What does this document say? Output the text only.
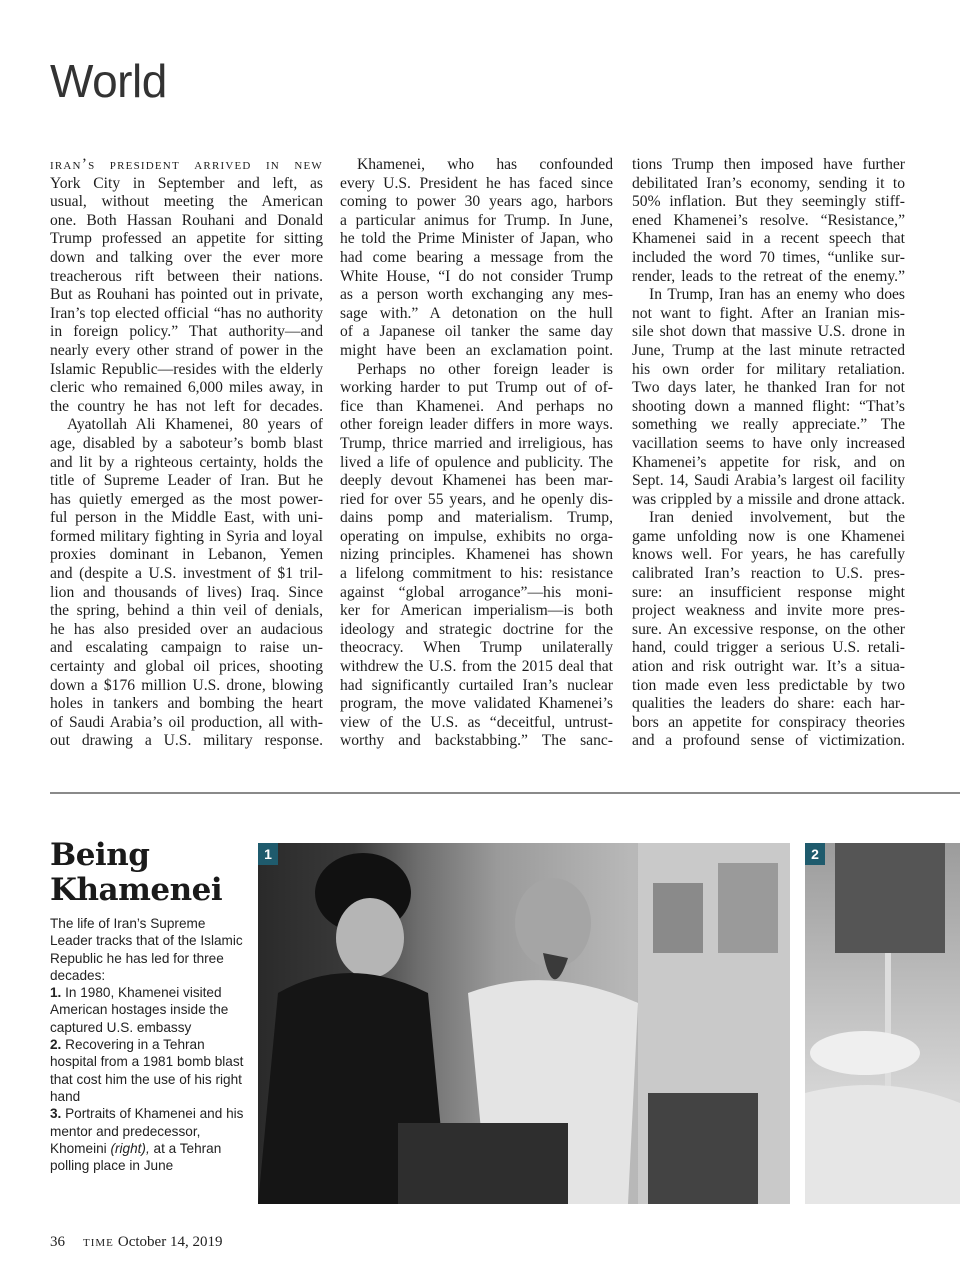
World
iran’s president arrived in new
York City in September and left, as
usual, without meeting the American
one. Both Hassan Rouhani and Donald
Trump professed an appetite for sitting
down and talking over the ever more
treacherous rift between their nations.
But as Rouhani has pointed out in private,
Iran’s top elected official “has no authority
in foreign policy.” That authority—and
nearly every other strand of power in the
Islamic Republic—resides with the elderly
cleric who remained 6,000 miles away, in
the country he has not left for decades.
Ayatollah Ali Khamenei, 80 years of
age, disabled by a saboteur’s bomb blast
and lit by a righteous certainty, holds the
title of Supreme Leader of Iran. But he
has quietly emerged as the most power-
ful person in the Middle East, with uni-
formed military fighting in Syria and loyal
proxies dominant in Lebanon, Yemen
and (despite a U.S. investment of $1 tril-
lion and thousands of lives) Iraq. Since
the spring, behind a thin veil of denials,
he has also presided over an audacious
and escalating campaign to raise un-
certainty and global oil prices, shooting
down a $176 million U.S. drone, blowing
holes in tankers and bombing the heart
of Saudi Arabia’s oil production, all with-
out drawing a U.S. military response.
Khamenei, who has confounded
every U.S. President he has faced since
coming to power 30 years ago, harbors
a particular animus for Trump. In June,
he told the Prime Minister of Japan, who
had come bearing a message from the
White House, “I do not consider Trump
as a person worth exchanging any mes-
sage with.” A detonation on the hull
of a Japanese oil tanker the same day
might have been an exclamation point.
Perhaps no other foreign leader is
working harder to put Trump out of of-
fice than Khamenei. And perhaps no
other foreign leader differs in more ways.
Trump, thrice married and irreligious, has
lived a life of opulence and publicity. The
deeply devout Khamenei has been mar-
ried for over 55 years, and he openly dis-
dains pomp and materialism. Trump,
operating on impulse, exhibits no orga-
nizing principles. Khamenei has shown
a lifelong commitment to his: resistance
against “global arrogance”—his moni-
ker for American imperialism—is both
ideology and strategic doctrine for the
theocracy. When Trump unilaterally
withdrew the U.S. from the 2015 deal that
had significantly curtailed Iran’s nuclear
program, the move validated Khamenei’s
view of the U.S. as “deceitful, untrust-
worthy and backstabbing.” The sanc-
tions Trump then imposed have further
debilitated Iran’s economy, sending it to
50% inflation. But they seemingly stiff-
ened Khamenei’s resolve. “Resistance,”
Khamenei said in a recent speech that
included the word 70 times, “unlike sur-
render, leads to the retreat of the enemy.”
In Trump, Iran has an enemy who does
not want to fight. After an Iranian mis-
sile shot down that massive U.S. drone in
June, Trump at the last minute retracted
his own order for military retaliation.
Two days later, he thanked Iran for not
shooting down a manned flight: “That’s
something we really appreciate.” The
vacillation seems to have only increased
Khamenei’s appetite for risk, and on
Sept. 14, Saudi Arabia’s largest oil facility
was crippled by a missile and drone attack.
Iran denied involvement, but the
game unfolding now is one Khamenei
knows well. For years, he has carefully
calibrated Iran’s reaction to U.S. pres-
sure: an insufficient response might
project weakness and invite more pres-
sure. An excessive response, on the other
hand, could trigger a serious U.S. retali-
ation and risk outright war. It’s a situa-
tion made even less predictable by two
qualities the leaders do share: each har-
bors an appetite for conspiracy theories
and a profound sense of victimization.
Being
Khamenei
The life of Iran’s Supreme Leader tracks that of the Islamic Republic he has led for three decades:
1. In 1980, Khamenei visited American hostages inside the captured U.S. embassy
2. Recovering in a Tehran hospital from a 1981 bomb blast that cost him the use of his right hand
3. Portraits of Khamenei and his mentor and predecessor, Khomeini (right), at a Tehran polling place in June
1	2
36 time October 14, 2019
